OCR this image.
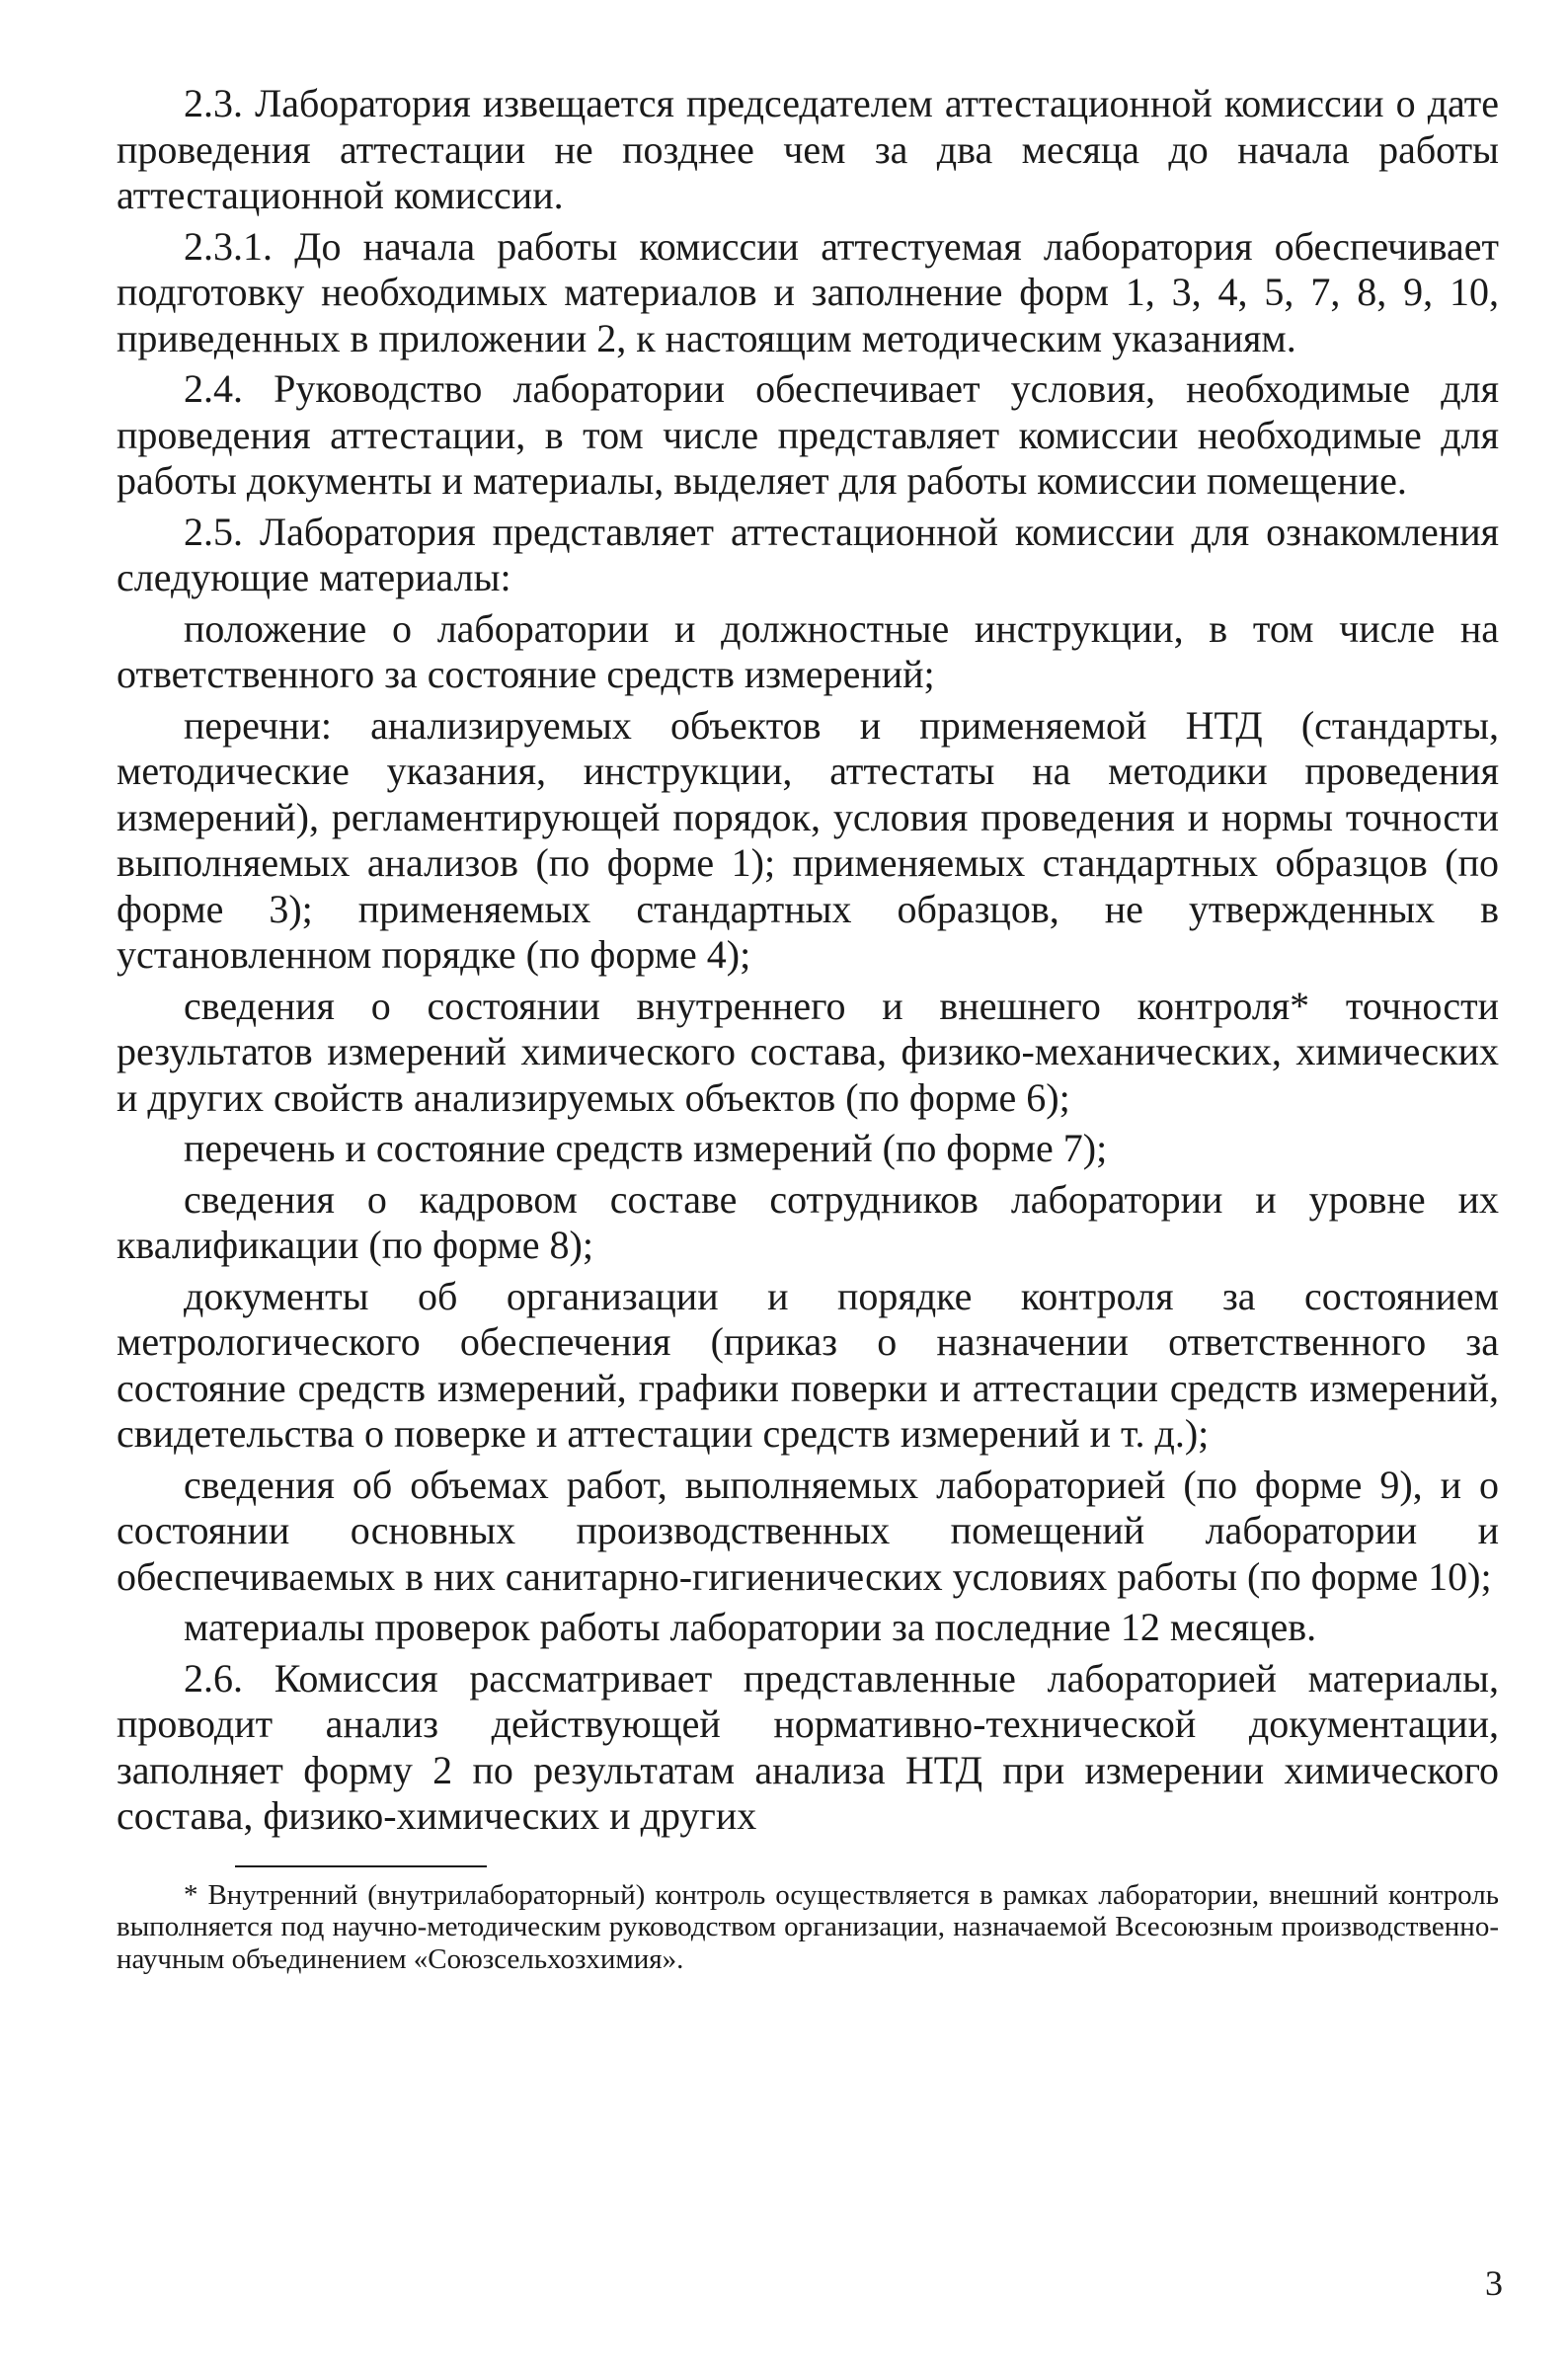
2.3. Лаборатория извещается председателем аттестационной комиссии о дате проведения аттестации не позднее чем за два месяца до начала работы аттестационной комиссии.

2.3.1. До начала работы комиссии аттестуемая лаборатория обеспечивает подготовку необходимых материалов и заполнение форм 1, 3, 4, 5, 7, 8, 9, 10, приведенных в приложении 2, к настоящим методическим указаниям.

2.4. Руководство лаборатории обеспечивает условия, необходимые для проведения аттестации, в том числе представляет комиссии необходимые для работы документы и материалы, выделяет для работы комиссии помещение.

2.5. Лаборатория представляет аттестационной комиссии для ознакомления следующие материалы:

положение о лаборатории и должностные инструкции, в том числе на ответственного за состояние средств измерений;

перечни: анализируемых объектов и применяемой НТД (стандарты, методические указания, инструкции, аттестаты на методики проведения измерений), регламентирующей порядок, условия проведения и нормы точности выполняемых анализов (по форме 1); применяемых стандартных образцов (по форме 3); применяемых стандартных образцов, не утвержденных в установленном порядке (по форме 4);

сведения о состоянии внутреннего и внешнего контроля* точности результатов измерений химического состава, физико-механических, химических и других свойств анализируемых объектов (по форме 6);

перечень и состояние средств измерений (по форме 7);

сведения о кадровом составе сотрудников лаборатории и уровне их квалификации (по форме 8);

документы об организации и порядке контроля за состоянием метрологического обеспечения (приказ о назначении ответственного за состояние средств измерений, графики поверки и аттестации средств измерений, свидетельства о поверке и аттестации средств измерений и т. д.);

сведения об объемах работ, выполняемых лабораторией (по форме 9), и о состоянии основных производственных помещений лаборатории и обеспечиваемых в них санитарно-гигиенических условиях работы (по форме 10);

материалы проверок работы лаборатории за последние 12 месяцев.

2.6. Комиссия рассматривает представленные лабораторией материалы, проводит анализ действующей нормативно-технической документации, заполняет форму 2 по результатам анализа НТД при измерении химического состава, физико-химических и других

* Внутренний (внутрилабораторный) контроль осуществляется в рамках лаборатории, внешний контроль выполняется под научно-методическим руководством организации, назначаемой Всесоюзным производственно-научным объединением «Союзсельхозхимия».

3
